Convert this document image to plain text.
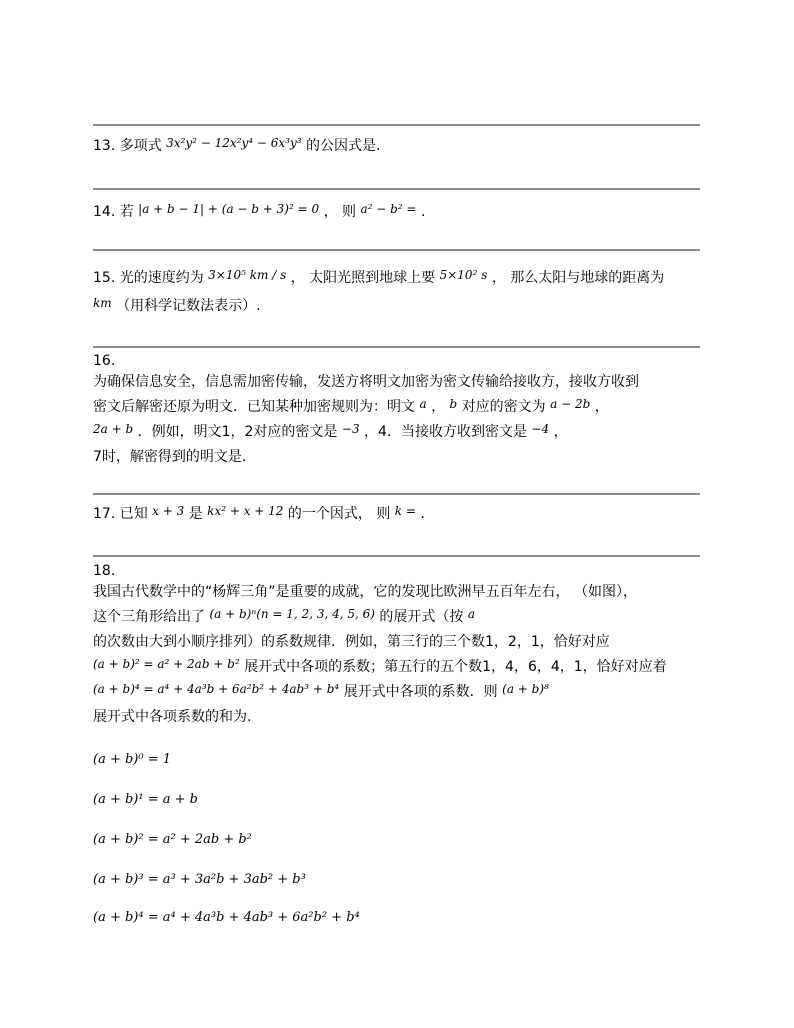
13. 多项式 3x²y² − 12x²y⁴ − 6x³y³ 的公因式是.
14. 若 |a + b − 1| + (a − b + 3)² = 0 ， 则 a² − b² = .
15. 光的速度约为 3×10⁵ km / s ， 太阳光照到地球上要 5×10² s ， 那么太阳与地球的距离为
km （用科学记数法表示）.
16.
为确保信息安全，信息需加密传输，发送方将明文加密为密文传输给接收方，接收方收到
密文后解密还原为明文．已知某种加密规则为：明文 a ， b 对应的密文为 a − 2b ，
2a + b ．例如，明文1，2对应的密文是 −3 ，4．当接收方收到密文是 −4 ，
7时，解密得到的明文是.
17. 已知 x + 3 是 kx² + x + 12 的一个因式， 则 k = .
18.
我国古代数学中的“杨辉三角”是重要的成就，它的发现比欧洲早五百年左右， （如图），
这个三角形给出了 (a + b)ⁿ(n = 1, 2, 3, 4, 5, 6) 的展开式（按 a
的次数由大到小顺序排列）的系数规律．例如，第三行的三个数1，2，1，恰好对应
(a + b)² = a² + 2ab + b² 展开式中各项的系数；第五行的五个数1，4，6，4，1，恰好对应着
(a + b)⁴ = a⁴ + 4a³b + 6a²b² + 4ab³ + b⁴ 展开式中各项的系数．则 (a + b)⁸
展开式中各项系数的和为.
(a + b)⁰ = 1
(a + b)¹ = a + b
(a + b)² = a² + 2ab + b²
(a + b)³ = a³ + 3a²b + 3ab² + b³
(a + b)⁴ = a⁴ + 4a³b + 4ab³ + 6a²b² + b⁴
